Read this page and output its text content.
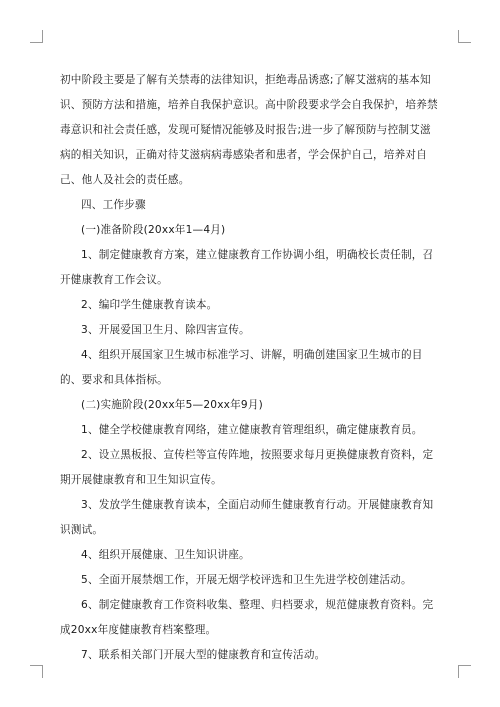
初中阶段主要是了解有关禁毒的法律知识，拒绝毒品诱惑;了解艾滋病的基本知识、预防方法和措施，培养自我保护意识。高中阶段要求学会自我保护，培养禁毒意识和社会责任感，发现可疑情况能够及时报告;进一步了解预防与控制艾滋病的相关知识，正确对待艾滋病病毒感染者和患者，学会保护自己，培养对自己、他人及社会的责任感。

四、工作步骤

(一)准备阶段(20xx年1—4月)

1、制定健康教育方案，建立健康教育工作协调小组，明确校长责任制，召开健康教育工作会议。

2、编印学生健康教育读本。

3、开展爱国卫生月、除四害宣传。

4、组织开展国家卫生城市标准学习、讲解，明确创建国家卫生城市的目的、要求和具体指标。

(二)实施阶段(20xx年5—20xx年9月)

1、健全学校健康教育网络，建立健康教育管理组织，确定健康教育员。

2、设立黑板报、宣传栏等宣传阵地，按照要求每月更换健康教育资料，定期开展健康教育和卫生知识宣传。

3、发放学生健康教育读本，全面启动师生健康教育行动。开展健康教育知识测试。

4、组织开展健康、卫生知识讲座。

5、全面开展禁烟工作，开展无烟学校评选和卫生先进学校创建活动。

6、制定健康教育工作资料收集、整理、归档要求，规范健康教育资料。完成20xx年度健康教育档案整理。

7、联系相关部门开展大型的健康教育和宣传活动。
